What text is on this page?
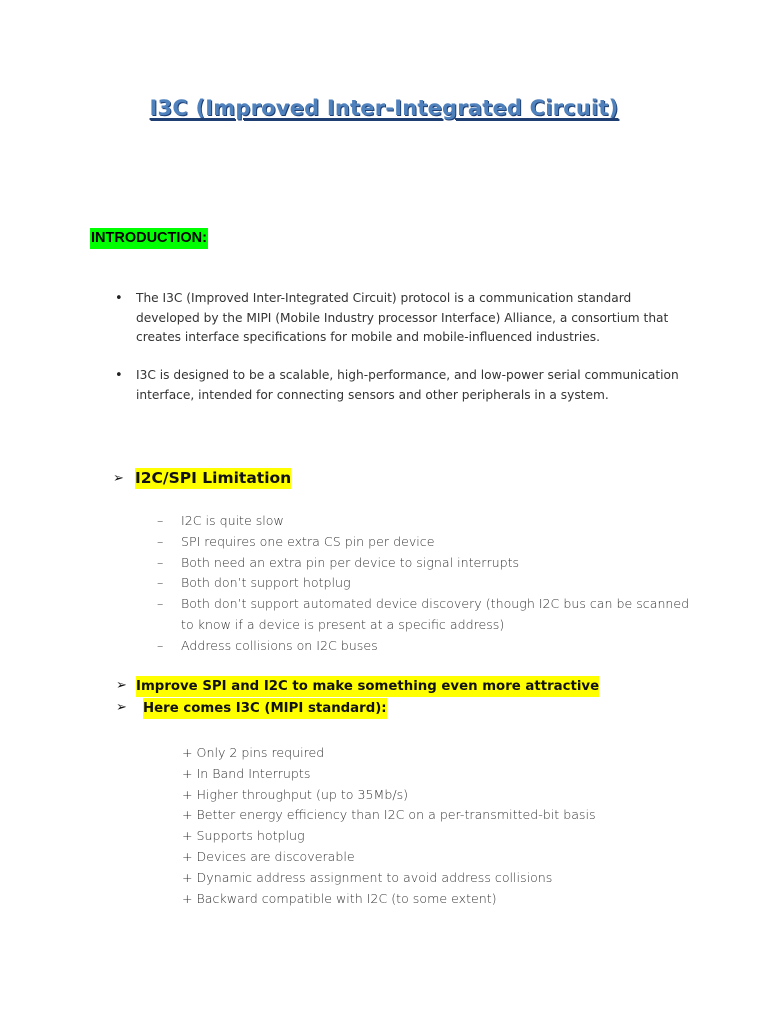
I3C (Improved Inter-Integrated Circuit)
INTRODUCTION:
• The I3C (Improved Inter-Integrated Circuit) protocol is a communication standard developed by the MIPI (Mobile Industry processor Interface) Alliance, a consortium that creates interface specifications for mobile and mobile-influenced industries.
• I3C is designed to be a scalable, high-performance, and low-power serial communication interface, intended for connecting sensors and other peripherals in a system.
➢ I2C/SPI Limitation
– I2C is quite slow
– SPI requires one extra CS pin per device
– Both need an extra pin per device to signal interrupts
– Both don’t support hotplug
– Both don’t support automated device discovery (though I2C bus can be scanned to know if a device is present at a specific address)
– Address collisions on I2C buses
➢ Improve SPI and I2C to make something even more attractive
➢ Here comes I3C (MIPI standard):
+ Only 2 pins required
+ In Band Interrupts
+ Higher throughput (up to 35Mb/s)
+ Better energy efficiency than I2C on a per-transmitted-bit basis
+ Supports hotplug
+ Devices are discoverable
+ Dynamic address assignment to avoid address collisions
+ Backward compatible with I2C (to some extent)
